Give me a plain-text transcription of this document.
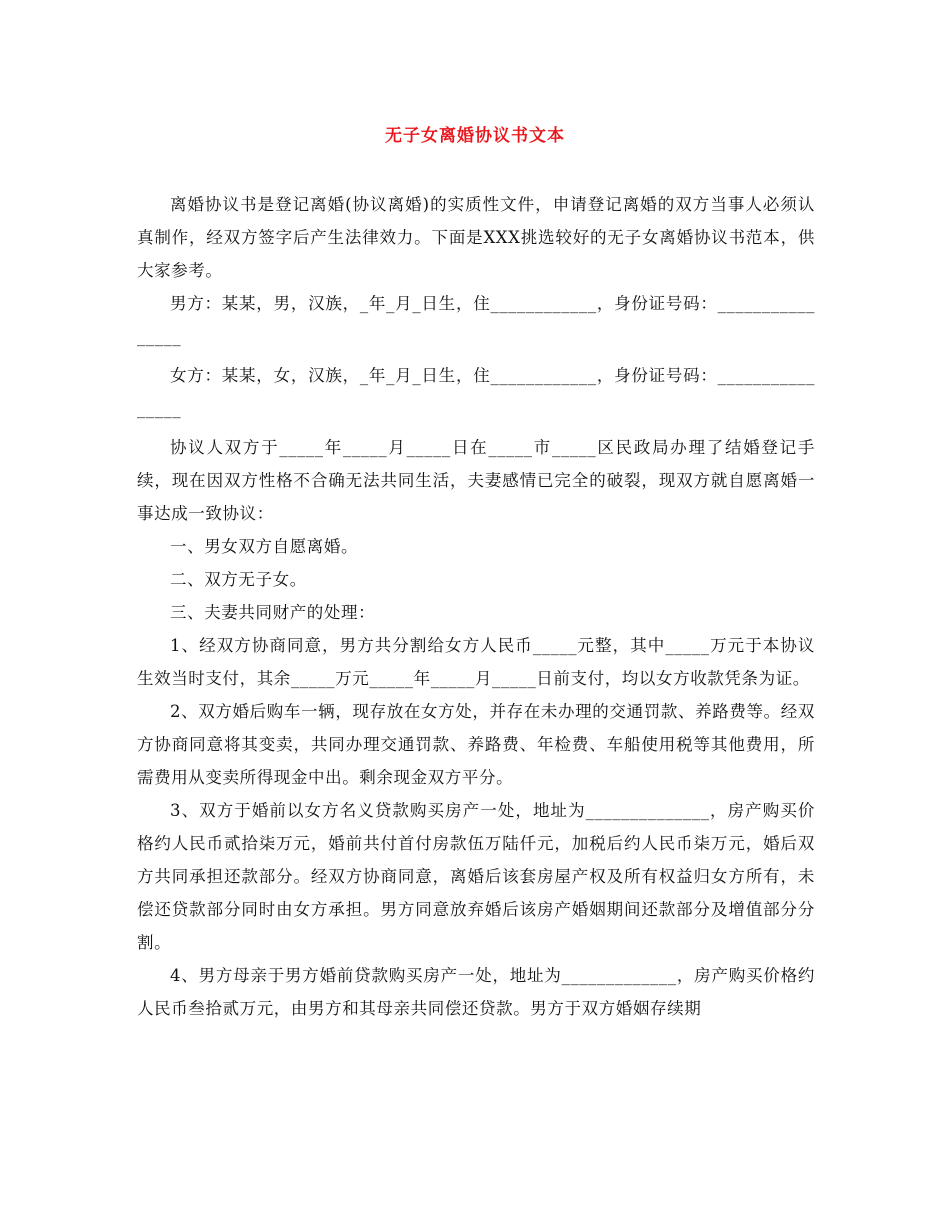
无子女离婚协议书文本

离婚协议书是登记离婚(协议离婚)的实质性文件，申请登记离婚的双方当事人必须认真制作，经双方签字后产生法律效力。下面是XXX挑选较好的无子女离婚协议书范本，供大家参考。

男方：某某，男，汉族，_年_月_日生，住____________，身份证号码：________________

女方：某某，女，汉族，_年_月_日生，住____________，身份证号码：________________

协议人双方于_____年_____月_____日在_____市_____区民政局办理了结婚登记手续，现在因双方性格不合确无法共同生活，夫妻感情已完全的破裂，现双方就自愿离婚一事达成一致协议：

一、男女双方自愿离婚。

二、双方无子女。

三、夫妻共同财产的处理：

1、经双方协商同意，男方共分割给女方人民币_____元整，其中_____万元于本协议生效当时支付，其余_____万元_____年_____月_____日前支付，均以女方收款凭条为证。

2、双方婚后购车一辆，现存放在女方处，并存在未办理的交通罚款、养路费等。经双方协商同意将其变卖，共同办理交通罚款、养路费、年检费、车船使用税等其他费用，所需费用从变卖所得现金中出。剩余现金双方平分。

3、双方于婚前以女方名义贷款购买房产一处，地址为______________，房产购买价格约人民币贰拾柒万元，婚前共付首付房款伍万陆仟元，加税后约人民币柒万元，婚后双方共同承担还款部分。经双方协商同意，离婚后该套房屋产权及所有权益归女方所有，未偿还贷款部分同时由女方承担。男方同意放弃婚后该房产婚姻期间还款部分及增值部分分割。

4、男方母亲于男方婚前贷款购买房产一处，地址为_____________，房产购买价格约人民币叁拾贰万元，由男方和其母亲共同偿还贷款。男方于双方婚姻存续期
